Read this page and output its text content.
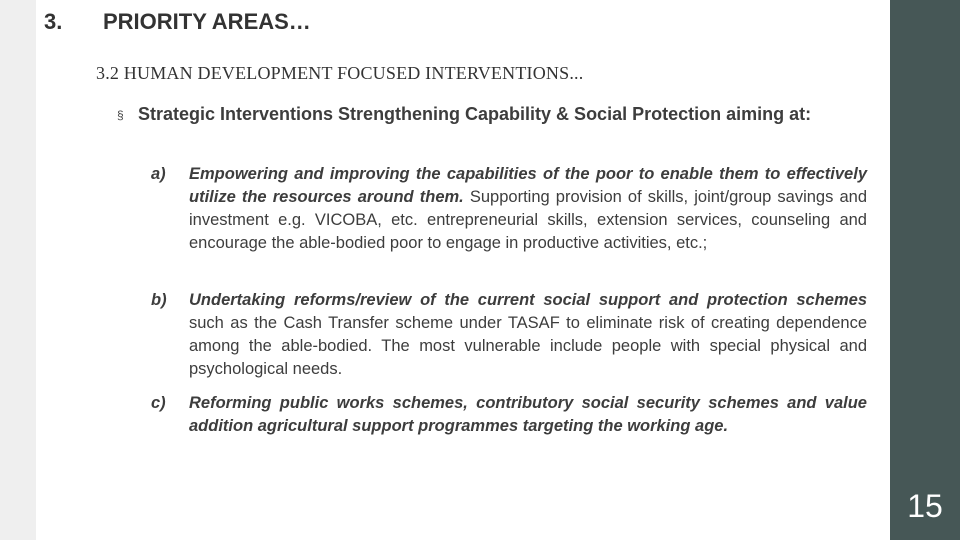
15
3. PRIORITY AREAS…
3.2 HUMAN DEVELOPMENT FOCUSED INTERVENTIONS...
§ Strategic Interventions Strengthening Capability & Social Protection aiming at:
a) Empowering and improving the capabilities of the poor to enable them to effectively utilize the resources around them. Supporting provision of skills, joint/group savings and investment e.g. VICOBA, etc. entrepreneurial skills, extension services, counseling and encourage the able-bodied poor to engage in productive activities, etc.;
b) Undertaking reforms/review of the current social support and protection schemes such as the Cash Transfer scheme under TASAF to eliminate risk of creating dependence among the able-bodied. The most vulnerable include people with special physical and psychological needs.
c) Reforming public works schemes, contributory social security schemes and value addition agricultural support programmes targeting the working age.
